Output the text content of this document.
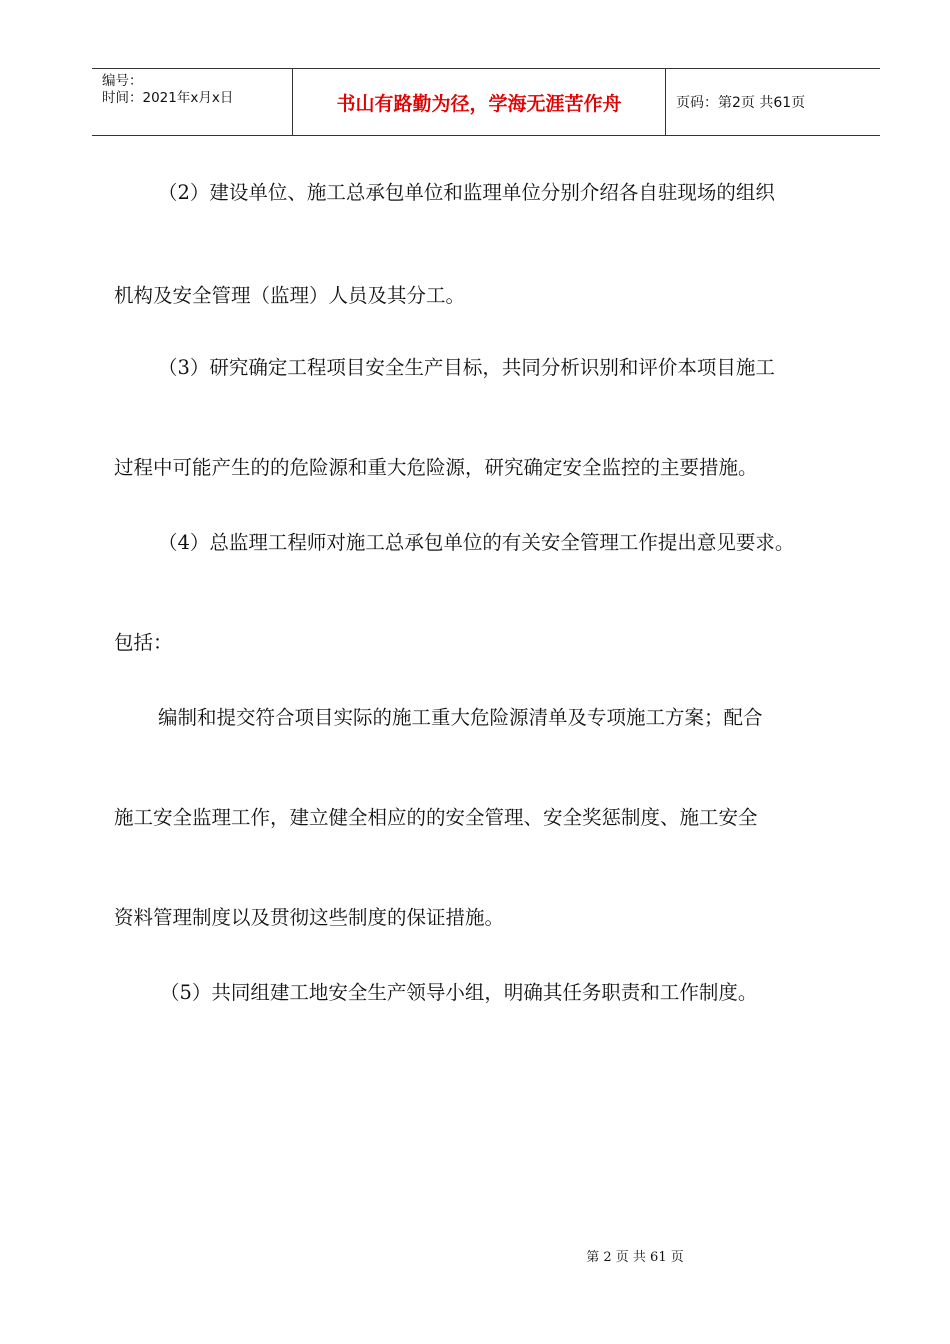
编号：
时间：2021年x月x日	书山有路勤为径，学海无涯苦作舟	页码：第2页 共61页
（2）建设单位、施工总承包单位和监理单位分别介绍各自驻现场的组织
机构及安全管理（监理）人员及其分工。
（3）研究确定工程项目安全生产目标，共同分析识别和评价本项目施工
过程中可能产生的的危险源和重大危险源，研究确定安全监控的主要措施。
（4）总监理工程师对施工总承包单位的有关安全管理工作提出意见要求。
包括：
编制和提交符合项目实际的施工重大危险源清单及专项施工方案；配合
施工安全监理工作，建立健全相应的的安全管理、安全奖惩制度、施工安全
资料管理制度以及贯彻这些制度的保证措施。
（5）共同组建工地安全生产领导小组，明确其任务职责和工作制度。
第 2 页 共 61 页
